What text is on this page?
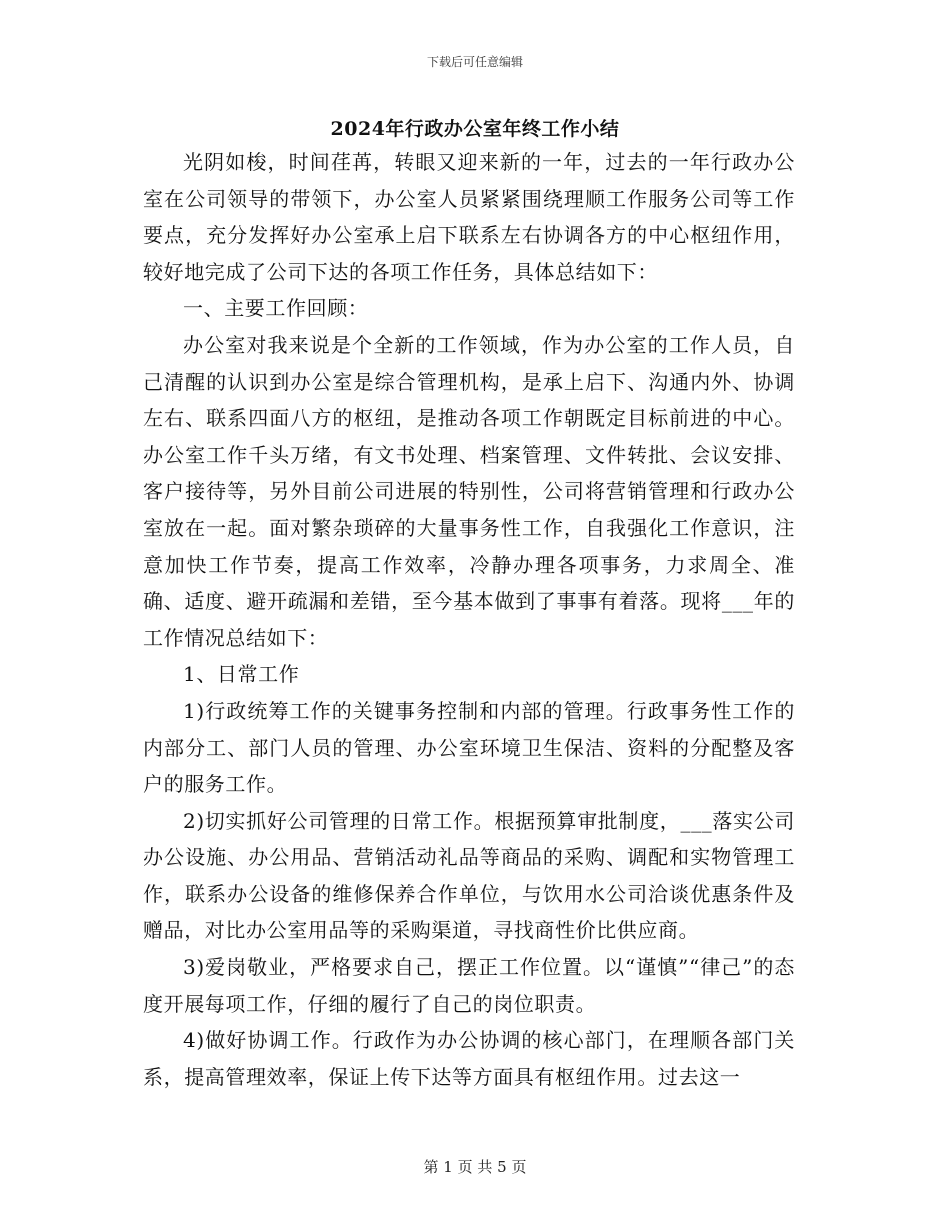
下载后可任意编辑
2024年行政办公室年终工作小结

光阴如梭，时间荏苒，转眼又迎来新的一年，过去的一年行政办公室在公司领导的带领下，办公室人员紧紧围绕理顺工作服务公司等工作要点，充分发挥好办公室承上启下联系左右协调各方的中心枢纽作用，较好地完成了公司下达的各项工作任务，具体总结如下：

一、主要工作回顾：

办公室对我来说是个全新的工作领域，作为办公室的工作人员，自己清醒的认识到办公室是综合管理机构，是承上启下、沟通内外、协调左右、联系四面八方的枢纽，是推动各项工作朝既定目标前进的中心。办公室工作千头万绪，有文书处理、档案管理、文件转批、会议安排、客户接待等，另外目前公司进展的特别性，公司将营销管理和行政办公室放在一起。面对繁杂琐碎的大量事务性工作，自我强化工作意识，注意加快工作节奏，提高工作效率，冷静办理各项事务，力求周全、准确、适度、避开疏漏和差错，至今基本做到了事事有着落。现将___年的工作情况总结如下：

1、日常工作

1)行政统筹工作的关键事务控制和内部的管理。行政事务性工作的内部分工、部门人员的管理、办公室环境卫生保洁、资料的分配整及客户的服务工作。

2)切实抓好公司管理的日常工作。根据预算审批制度，___落实公司办公设施、办公用品、营销活动礼品等商品的采购、调配和实物管理工作，联系办公设备的维修保养合作单位，与饮用水公司洽谈优惠条件及赠品，对比办公室用品等的采购渠道，寻找商性价比供应商。

3)爱岗敬业，严格要求自己，摆正工作位置。以“谨慎”“律己”的态度开展每项工作，仔细的履行了自己的岗位职责。

4)做好协调工作。行政作为办公协调的核心部门，在理顺各部门关系，提高管理效率，保证上传下达等方面具有枢纽作用。过去这一

第 1 页 共 5 页
